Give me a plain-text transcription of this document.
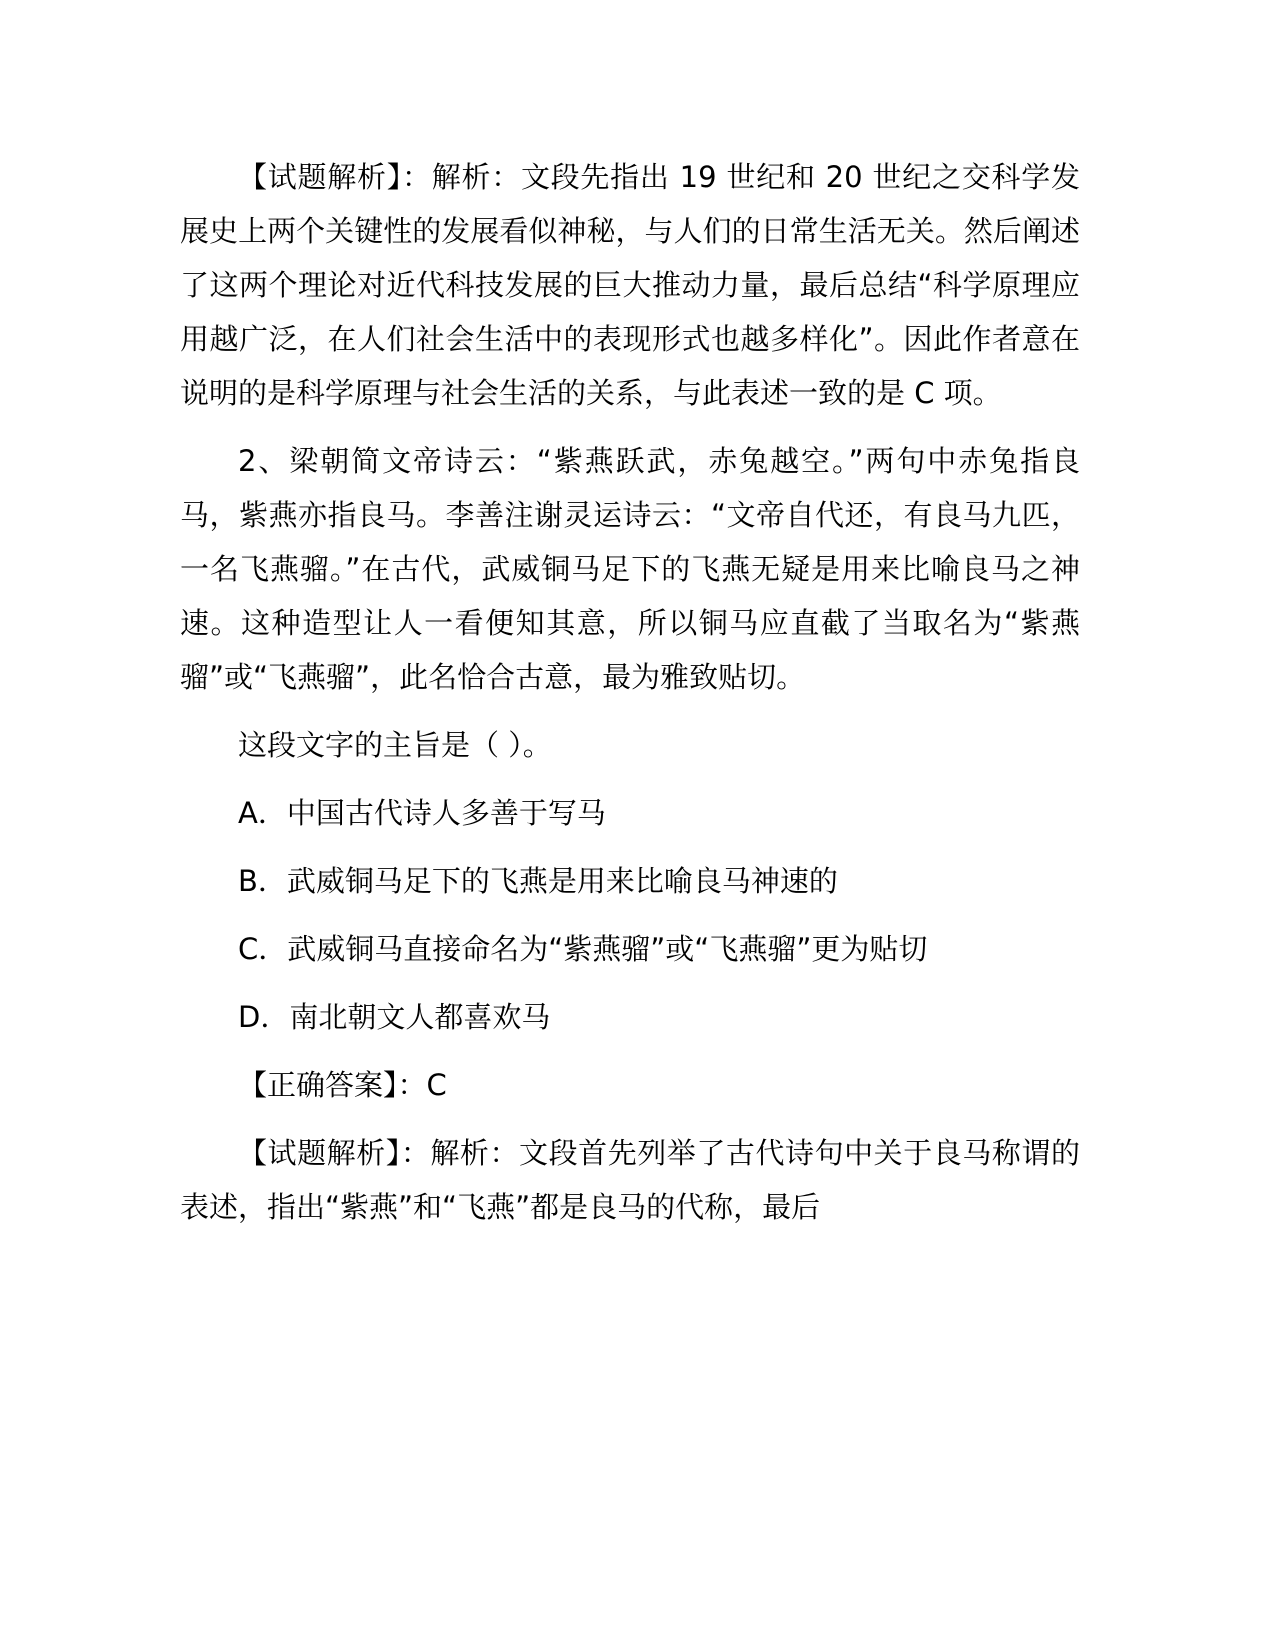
【试题解析】：解析：文段先指出 19 世纪和 20 世纪之交科学发展史上两个关键性的发展看似神秘，与人们的日常生活无关。然后阐述了这两个理论对近代科技发展的巨大推动力量，最后总结“科学原理应用越广泛，在人们社会生活中的表现形式也越多样化”。因此作者意在说明的是科学原理与社会生活的关系，与此表述一致的是 C 项。

2、梁朝简文帝诗云：“紫燕跃武，赤兔越空。”两句中赤兔指良马，紫燕亦指良马。李善注谢灵运诗云：“文帝自代还，有良马九匹，一名飞燕骝。”在古代，武威铜马足下的飞燕无疑是用来比喻良马之神速。这种造型让人一看便知其意，所以铜马应直截了当取名为“紫燕骝”或“飞燕骝”，此名恰合古意，最为雅致贴切。

这段文字的主旨是（ ）。

A．中国古代诗人多善于写马
B．武威铜马足下的飞燕是用来比喻良马神速的
C．武威铜马直接命名为“紫燕骝”或“飞燕骝”更为贴切
D．南北朝文人都喜欢马
【正确答案】：C

【试题解析】：解析：文段首先列举了古代诗句中关于良马称谓的表述，指出“紫燕”和“飞燕”都是良马的代称，最后
